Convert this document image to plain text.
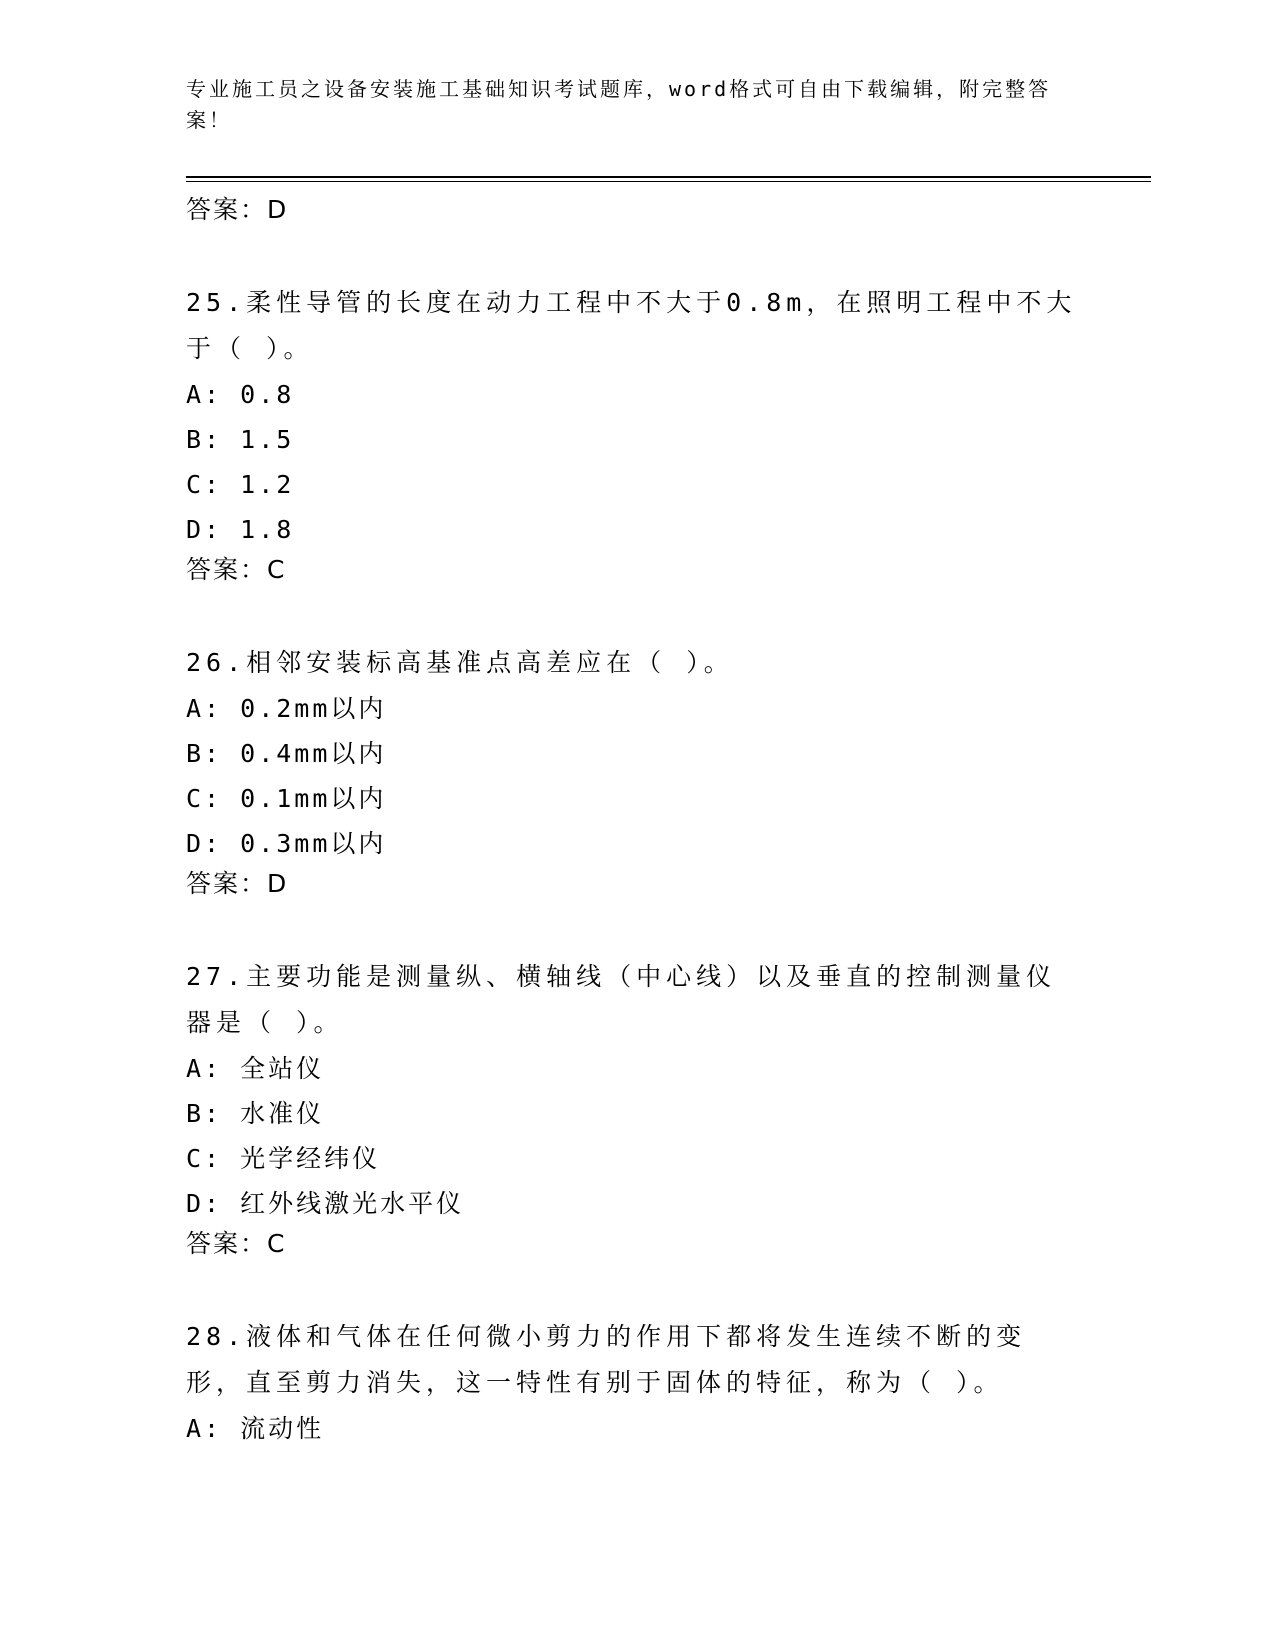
专业施工员之设备安装施工基础知识考试题库，word格式可自由下载编辑，附完整答案！
答案：D
25.柔性导管的长度在动力工程中不大于0.8m，在照明工程中不大于（ ）。
A: 0.8
B: 1.5
C: 1.2
D: 1.8
答案：C
26.相邻安装标高基准点高差应在（ ）。
A: 0.2mm以内
B: 0.4mm以内
C: 0.1mm以内
D: 0.3mm以内
答案：D
27.主要功能是测量纵、横轴线（中心线）以及垂直的控制测量仪器是（ ）。
A: 全站仪
B: 水准仪
C: 光学经纬仪
D: 红外线激光水平仪
答案：C
28.液体和气体在任何微小剪力的作用下都将发生连续不断的变形，直至剪力消失，这一特性有别于固体的特征，称为（ ）。
A: 流动性
